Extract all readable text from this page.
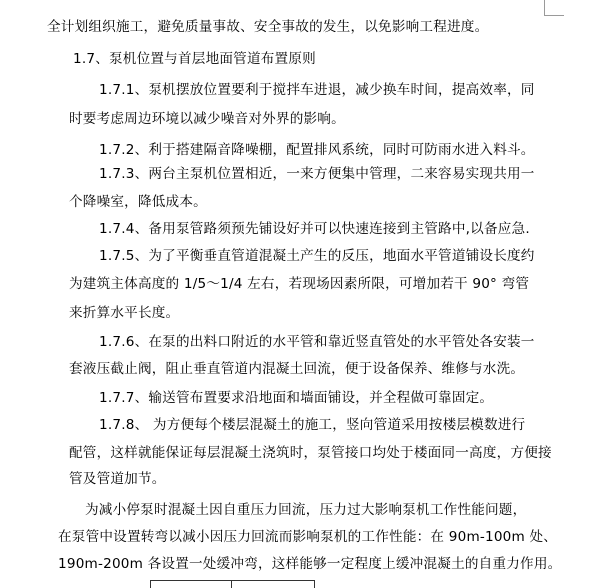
全计划组织施工，避免质量事故、安全事故的发生，以免影响工程进度。
1.7、泵机位置与首层地面管道布置原则
1.7.1、泵机摆放位置要利于搅拌车进退，减少换车时间，提高效率，同
时要考虑周边环境以减少噪音对外界的影响。
1.7.2、利于搭建隔音降噪棚，配置排风系统，同时可防雨水进入料斗。
1.7.3、两台主泵机位置相近，一来方便集中管理，二来容易实现共用一
个降噪室，降低成本。
1.7.4、备用泵管路须预先铺设好并可以快速连接到主管路中,以备应急.
1.7.5、为了平衡垂直管道混凝土产生的反压，地面水平管道铺设长度约
为建筑主体高度的 1/5～1/4 左右，若现场因素所限，可增加若干 90° 弯管
来折算水平长度。
1.7.6、在泵的出料口附近的水平管和靠近竖直管处的水平管处各安装一
套液压截止阀，阻止垂直管道内混凝土回流，便于设备保养、维修与水洗。
1.7.7、输送管布置要求沿地面和墙面铺设，并全程做可靠固定。
1.7.8、 为方便每个楼层混凝土的施工，竖向管道采用按楼层模数进行
配管，这样就能保证每层混凝土浇筑时，泵管接口均处于楼面同一高度，方便接
管及管道加节。
为减小停泵时混凝土因自重压力回流，压力过大影响泵机工作性能问题，
在泵管中设置转弯以减小因压力回流而影响泵机的工作性能：在 90m-100m 处、
190m-200m 各设置一处缓冲弯，这样能够一定程度上缓冲混凝土的自重力作用。
